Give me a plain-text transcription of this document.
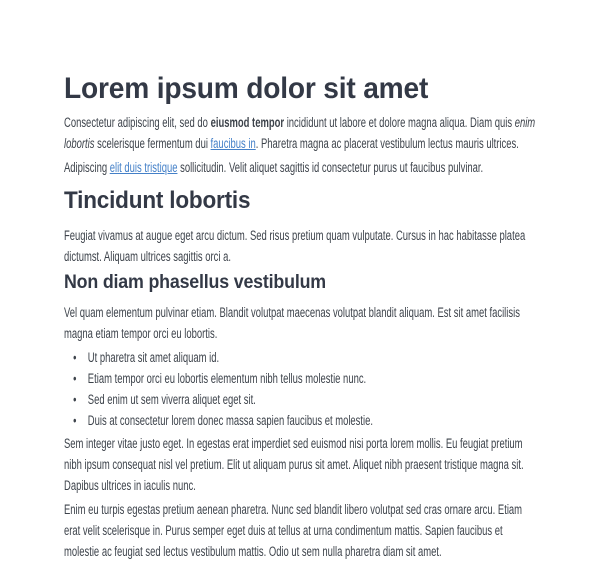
Lorem ipsum dolor sit amet

Consectetur adipiscing elit, sed do eiusmod tempor incididunt ut labore et dolore magna aliqua. Diam quis enim lobortis scelerisque fermentum dui faucibus in. Pharetra magna ac placerat vestibulum lectus mauris ultrices.

Adipiscing elit duis tristique sollicitudin. Velit aliquet sagittis id consectetur purus ut faucibus pulvinar.

Tincidunt lobortis

Feugiat vivamus at augue eget arcu dictum. Sed risus pretium quam vulputate. Cursus in hac habitasse platea dictumst. Aliquam ultrices sagittis orci a.

Non diam phasellus vestibulum

Vel quam elementum pulvinar etiam. Blandit volutpat maecenas volutpat blandit aliquam. Est sit amet facilisis magna etiam tempor orci eu lobortis.

• Ut pharetra sit amet aliquam id.
• Etiam tempor orci eu lobortis elementum nibh tellus molestie nunc.
• Sed enim ut sem viverra aliquet eget sit.
• Duis at consectetur lorem donec massa sapien faucibus et molestie.

Sem integer vitae justo eget. In egestas erat imperdiet sed euismod nisi porta lorem mollis. Eu feugiat pretium nibh ipsum consequat nisl vel pretium. Elit ut aliquam purus sit amet. Aliquet nibh praesent tristique magna sit. Dapibus ultrices in iaculis nunc.

Enim eu turpis egestas pretium aenean pharetra. Nunc sed blandit libero volutpat sed cras ornare arcu. Etiam erat velit scelerisque in. Purus semper eget duis at tellus at urna condimentum mattis. Sapien faucibus et molestie ac feugiat sed lectus vestibulum mattis. Odio ut sem nulla pharetra diam sit amet.
